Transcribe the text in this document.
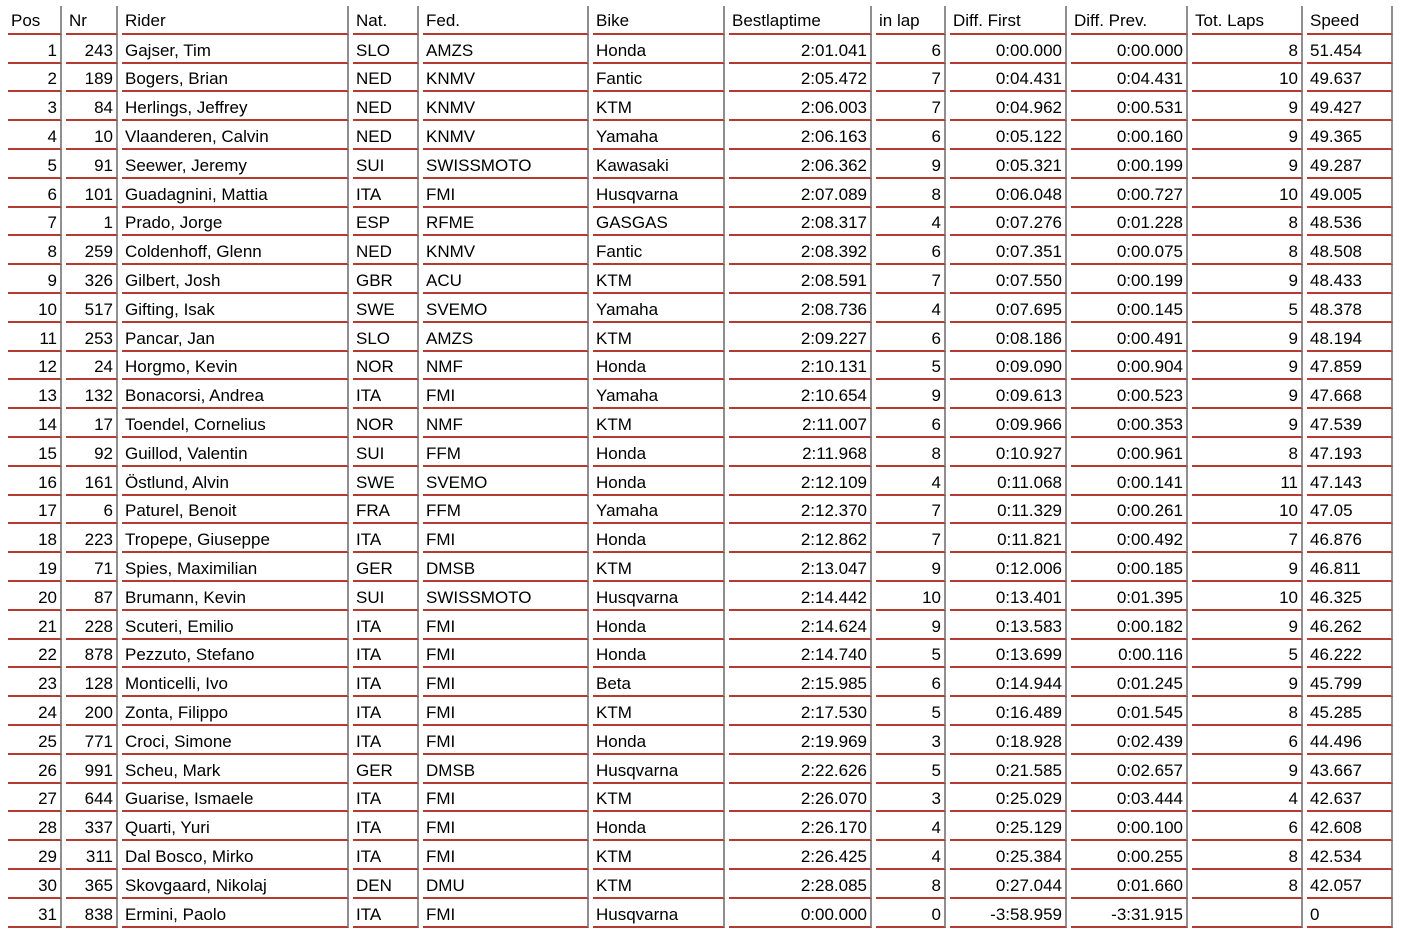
Pos	Nr	Rider	Nat.	Fed.	Bike	Bestlaptime	in lap	Diff. First	Diff. Prev.	Tot. Laps	Speed
1	243	Gajser, Tim	SLO	AMZS	Honda	2:01.041	6	0:00.000	0:00.000	8	51.454
2	189	Bogers, Brian	NED	KNMV	Fantic	2:05.472	7	0:04.431	0:04.431	10	49.637
3	84	Herlings, Jeffrey	NED	KNMV	KTM	2:06.003	7	0:04.962	0:00.531	9	49.427
4	10	Vlaanderen, Calvin	NED	KNMV	Yamaha	2:06.163	6	0:05.122	0:00.160	9	49.365
5	91	Seewer, Jeremy	SUI	SWISSMOTO	Kawasaki	2:06.362	9	0:05.321	0:00.199	9	49.287
6	101	Guadagnini, Mattia	ITA	FMI	Husqvarna	2:07.089	8	0:06.048	0:00.727	10	49.005
7	1	Prado, Jorge	ESP	RFME	GASGAS	2:08.317	4	0:07.276	0:01.228	8	48.536
8	259	Coldenhoff, Glenn	NED	KNMV	Fantic	2:08.392	6	0:07.351	0:00.075	8	48.508
9	326	Gilbert, Josh	GBR	ACU	KTM	2:08.591	7	0:07.550	0:00.199	9	48.433
10	517	Gifting, Isak	SWE	SVEMO	Yamaha	2:08.736	4	0:07.695	0:00.145	5	48.378
11	253	Pancar, Jan	SLO	AMZS	KTM	2:09.227	6	0:08.186	0:00.491	9	48.194
12	24	Horgmo, Kevin	NOR	NMF	Honda	2:10.131	5	0:09.090	0:00.904	9	47.859
13	132	Bonacorsi, Andrea	ITA	FMI	Yamaha	2:10.654	9	0:09.613	0:00.523	9	47.668
14	17	Toendel, Cornelius	NOR	NMF	KTM	2:11.007	6	0:09.966	0:00.353	9	47.539
15	92	Guillod, Valentin	SUI	FFM	Honda	2:11.968	8	0:10.927	0:00.961	8	47.193
16	161	Östlund, Alvin	SWE	SVEMO	Honda	2:12.109	4	0:11.068	0:00.141	11	47.143
17	6	Paturel, Benoit	FRA	FFM	Yamaha	2:12.370	7	0:11.329	0:00.261	10	47.05
18	223	Tropepe, Giuseppe	ITA	FMI	Honda	2:12.862	7	0:11.821	0:00.492	7	46.876
19	71	Spies, Maximilian	GER	DMSB	KTM	2:13.047	9	0:12.006	0:00.185	9	46.811
20	87	Brumann, Kevin	SUI	SWISSMOTO	Husqvarna	2:14.442	10	0:13.401	0:01.395	10	46.325
21	228	Scuteri, Emilio	ITA	FMI	Honda	2:14.624	9	0:13.583	0:00.182	9	46.262
22	878	Pezzuto, Stefano	ITA	FMI	Honda	2:14.740	5	0:13.699	0:00.116	5	46.222
23	128	Monticelli, Ivo	ITA	FMI	Beta	2:15.985	6	0:14.944	0:01.245	9	45.799
24	200	Zonta, Filippo	ITA	FMI	KTM	2:17.530	5	0:16.489	0:01.545	8	45.285
25	771	Croci, Simone	ITA	FMI	Honda	2:19.969	3	0:18.928	0:02.439	6	44.496
26	991	Scheu, Mark	GER	DMSB	Husqvarna	2:22.626	5	0:21.585	0:02.657	9	43.667
27	644	Guarise, Ismaele	ITA	FMI	KTM	2:26.070	3	0:25.029	0:03.444	4	42.637
28	337	Quarti, Yuri	ITA	FMI	Honda	2:26.170	4	0:25.129	0:00.100	6	42.608
29	311	Dal Bosco, Mirko	ITA	FMI	KTM	2:26.425	4	0:25.384	0:00.255	8	42.534
30	365	Skovgaard, Nikolaj	DEN	DMU	KTM	2:28.085	8	0:27.044	0:01.660	8	42.057
31	838	Ermini, Paolo	ITA	FMI	Husqvarna	0:00.000	0	-3:58.959	-3:31.915		0
